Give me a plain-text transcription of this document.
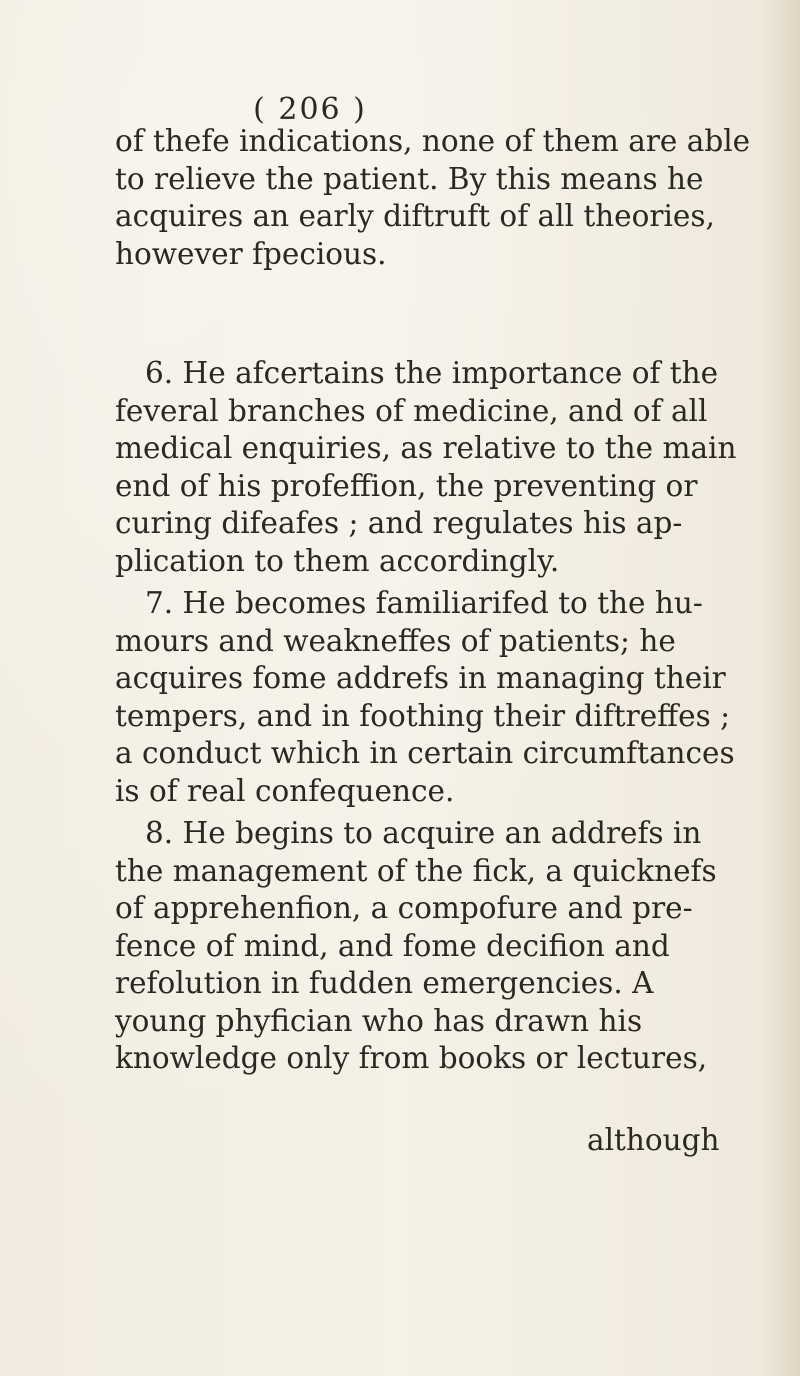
( 206 )

of thefe indications, none of them are able
to relieve the patient. By this means he
acquires an early diftruft of all theories,
however fpecious.

6. He afcertains the importance of the
feveral branches of medicine, and of all
medical enquiries, as relative to the main
end of his profeffion, the preventing or
curing difeafes ; and regulates his ap-
plication to them accordingly.

7. He becomes familiarifed to the hu-
mours and weakneffes of patients; he
acquires fome addrefs in managing their
tempers, and in foothing their diftreffes ;
a conduct which in certain circumftances
is of real confequence.

8. He begins to acquire an addrefs in
the management of the fick, a quicknefs
of apprehenfion, a compofure and pre-
fence of mind, and fome decifion and
refolution in fudden emergencies. A
young phyfician who has drawn his
knowledge only from books or lectures,

although
